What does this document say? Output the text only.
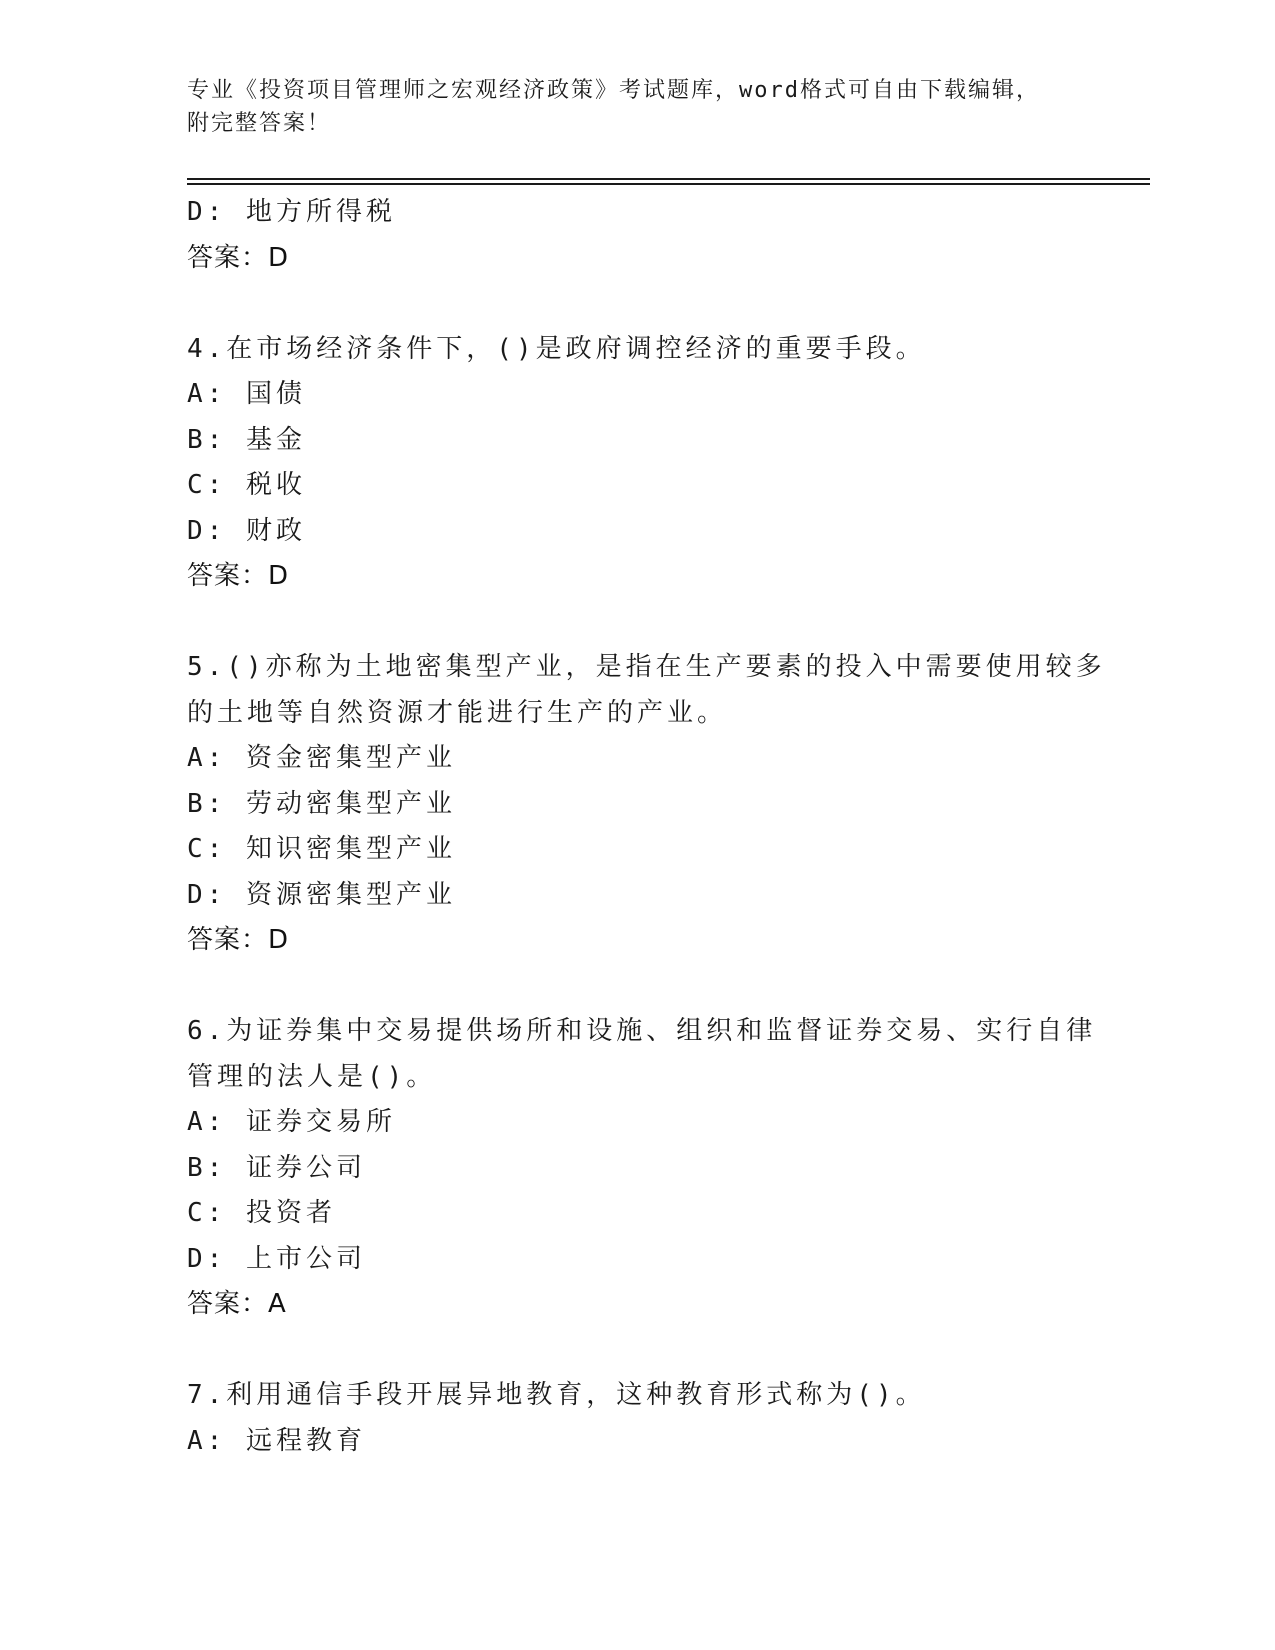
专业《投资项目管理师之宏观经济政策》考试题库，word格式可自由下载编辑，
附完整答案！
D: 地方所得税
答案：D
4.在市场经济条件下，()是政府调控经济的重要手段。
A: 国债
B: 基金
C: 税收
D: 财政
答案：D
5.()亦称为土地密集型产业，是指在生产要素的投入中需要使用较多
的土地等自然资源才能进行生产的产业。
A: 资金密集型产业
B: 劳动密集型产业
C: 知识密集型产业
D: 资源密集型产业
答案：D
6.为证券集中交易提供场所和设施、组织和监督证券交易、实行自律
管理的法人是()。
A: 证券交易所
B: 证券公司
C: 投资者
D: 上市公司
答案：A
7.利用通信手段开展异地教育，这种教育形式称为()。
A: 远程教育
